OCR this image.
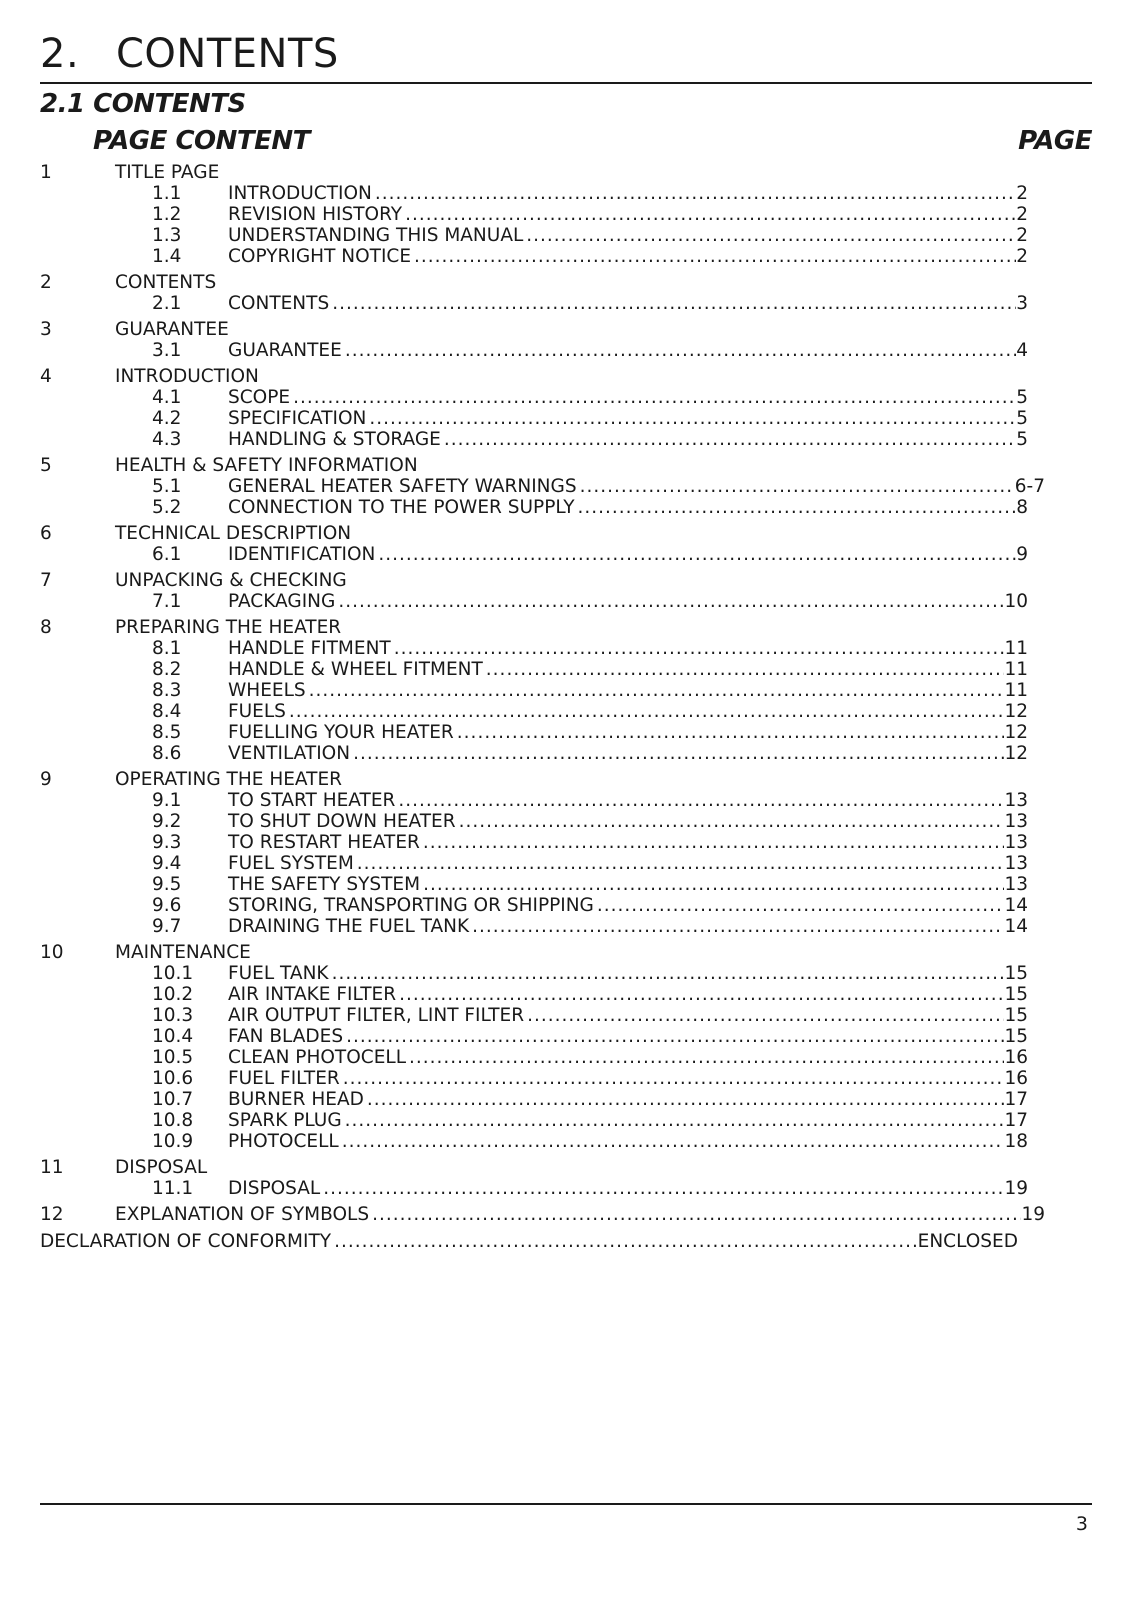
2. CONTENTS
2.1 CONTENTS
PAGE CONTENT	PAGE
1	TITLE PAGE
1.1	INTRODUCTION .....	2
1.2	REVISION HISTORY .....	2
1.3	UNDERSTANDING THIS MANUAL .....	2
1.4	COPYRIGHT NOTICE .....	2
2	CONTENTS
2.1	CONTENTS .....	3
3	GUARANTEE
3.1	GUARANTEE .....	4
4	INTRODUCTION
4.1	SCOPE .....	5
4.2	SPECIFICATION .....	5
4.3	HANDLING & STORAGE .....	5
5	HEALTH & SAFETY INFORMATION
5.1	GENERAL HEATER SAFETY WARNINGS .....	6-7
5.2	CONNECTION TO THE POWER SUPPLY .....	8
6	TECHNICAL DESCRIPTION
6.1	IDENTIFICATION .....	9
7	UNPACKING & CHECKING
7.1	PACKAGING .....	10
8	PREPARING THE HEATER
8.1	HANDLE FITMENT .....	11
8.2	HANDLE & WHEEL FITMENT .....	11
8.3	WHEELS .....	11
8.4	FUELS .....	12
8.5	FUELLING YOUR HEATER .....	12
8.6	VENTILATION .....	12
9	OPERATING THE HEATER
9.1	TO START HEATER .....	13
9.2	TO SHUT DOWN HEATER .....	13
9.3	TO RESTART HEATER .....	13
9.4	FUEL SYSTEM .....	13
9.5	THE SAFETY SYSTEM .....	13
9.6	STORING, TRANSPORTING OR SHIPPING .....	14
9.7	DRAINING THE FUEL TANK .....	14
10	MAINTENANCE
10.1 FUEL TANK .....	15
10.2 AIR INTAKE FILTER .....	15
10.3 AIR OUTPUT FILTER, LINT FILTER .....	15
10.4 FAN BLADES .....	15
10.5 CLEAN PHOTOCELL .....	16
10.6 FUEL FILTER .....	16
10.7 BURNER HEAD .....	17
10.8 SPARK PLUG .....	17
10.9 PHOTOCELL .....	18
11	DISPOSAL
11.1 DISPOSAL .....	19
12	EXPLANATION OF SYMBOLS .....	19
DECLARATION OF CONFORMITY .....	ENCLOSED
3
